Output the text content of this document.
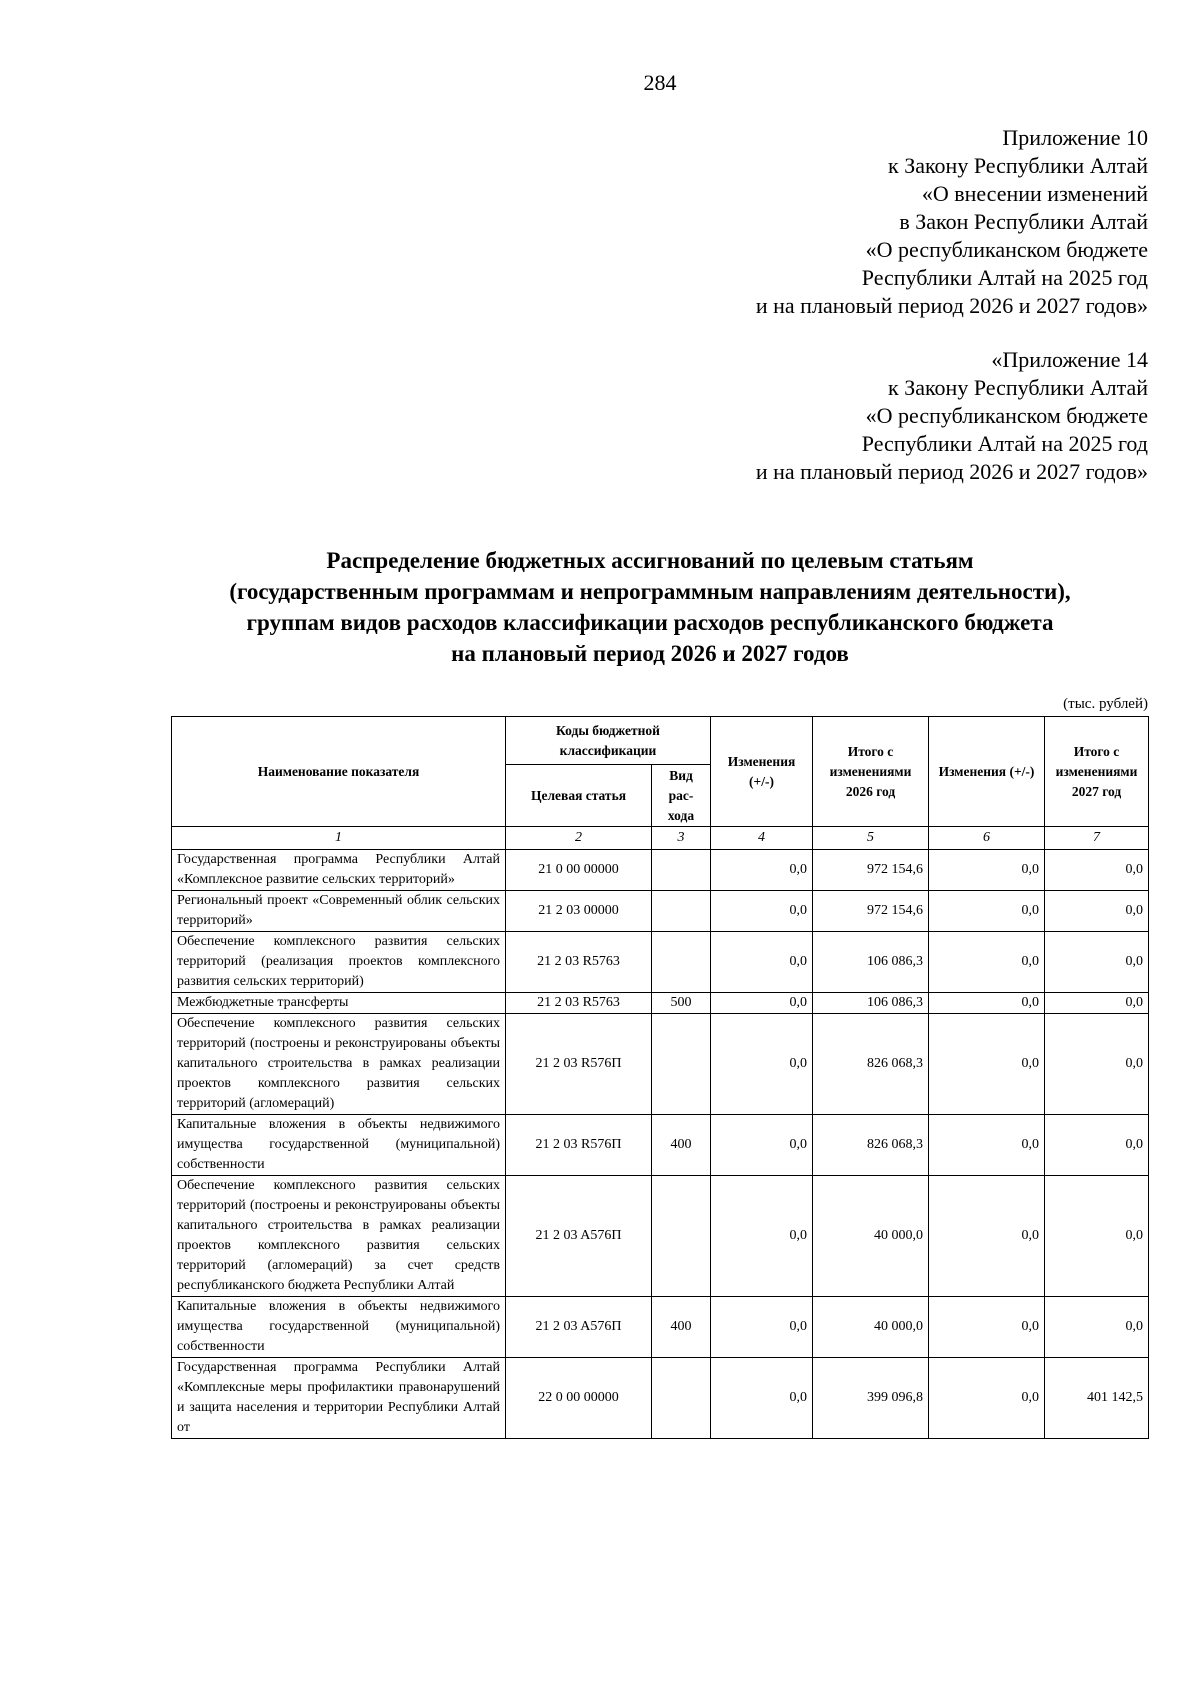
284
Приложение 10
к Закону Республики Алтай
«О внесении изменений
в Закон Республики Алтай
«О республиканском бюджете
Республики Алтай на 2025 год
и на плановый период 2026 и 2027 годов»
«Приложение 14
к Закону Республики Алтай
«О республиканском бюджете
Республики Алтай на 2025 год
и на плановый период 2026 и 2027 годов»
Распределение бюджетных ассигнований по целевым статьям
(государственным программам и непрограммным направлениям деятельности),
группам видов расходов классификации расходов республиканского бюджета
на плановый период 2026 и 2027 годов
(тыс. рублей)
Наименование показателя	Коды бюджетной классификации		Изменения (+/-)	Итого с изменениями 2026 год	Изменения (+/-)	Итого с изменениями 2027 год
	Целевая статья	Вид рас-хода				
1	2	3	4	5	6	7
Государственная программа Республики Алтай «Комплексное развитие сельских территорий»	21 0 00 00000		0,0	972 154,6	0,0	0,0
Региональный проект «Современный облик сельских территорий»	21 2 03 00000		0,0	972 154,6	0,0	0,0
Обеспечение комплексного развития сельских территорий (реализация проектов комплексного развития сельских территорий)	21 2 03 R5763		0,0	106 086,3	0,0	0,0
Межбюджетные трансферты	21 2 03 R5763	500	0,0	106 086,3	0,0	0,0
Обеспечение комплексного развития сельских территорий (построены и реконструированы объекты капитального строительства в рамках реализации проектов комплексного развития сельских территорий (агломераций)	21 2 03 R576П		0,0	826 068,3	0,0	0,0
Капитальные вложения в объекты недвижимого имущества государственной (муниципальной) собственности	21 2 03 R576П	400	0,0	826 068,3	0,0	0,0
Обеспечение комплексного развития сельских территорий (построены и реконструированы объекты капитального строительства в рамках реализации проектов комплексного развития сельских территорий (агломераций) за счет средств республиканского бюджета Республики Алтай	21 2 03 A576П		0,0	40 000,0	0,0	0,0
Капитальные вложения в объекты недвижимого имущества государственной (муниципальной) собственности	21 2 03 A576П	400	0,0	40 000,0	0,0	0,0
Государственная программа Республики Алтай «Комплексные меры профилактики правонарушений и защита населения и территории Республики Алтай от	22 0 00 00000		0,0	399 096,8	0,0	401 142,5
